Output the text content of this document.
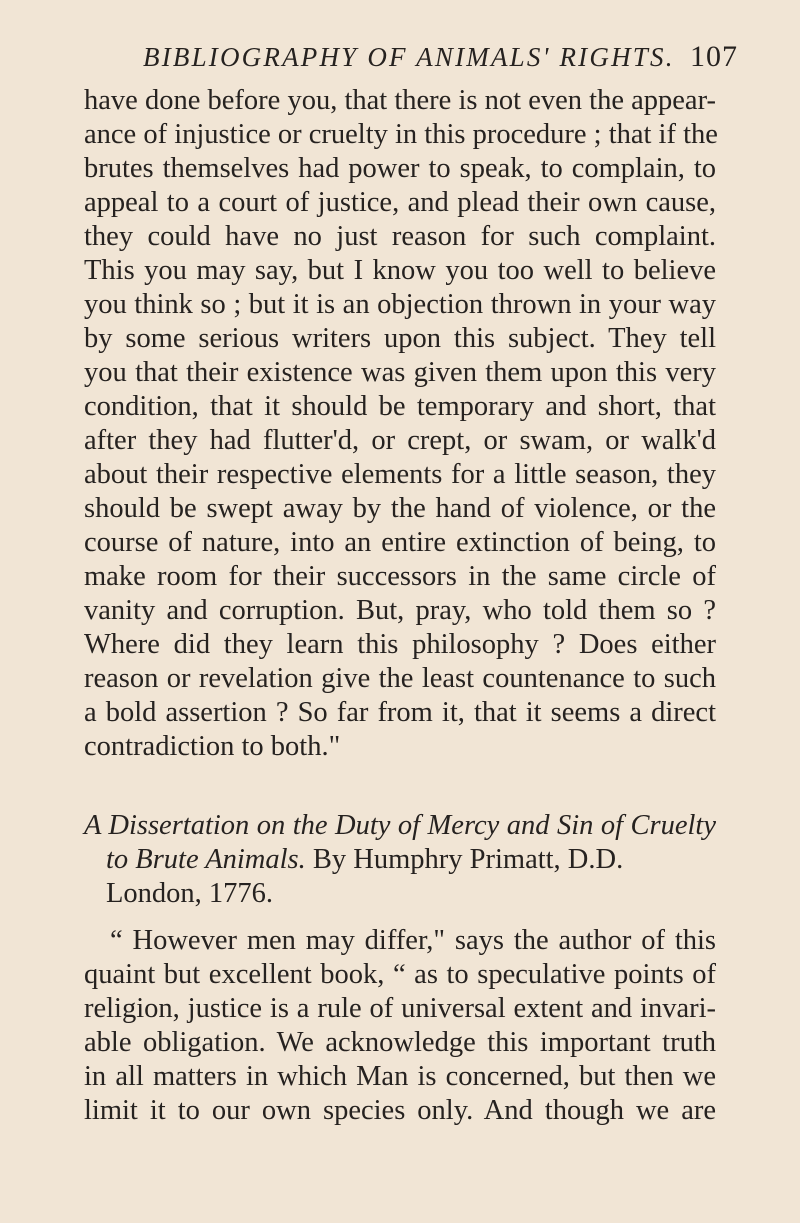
BIBLIOGRAPHY OF ANIMALS' RIGHTS. 107
have done before you, that there is not even the appear-
ance of injustice or cruelty in this procedure ; that if the
brutes themselves had power to speak, to complain, to
appeal to a court of justice, and plead their own cause,
they could have no just reason for such complaint.
This you may say, but I know you too well to believe
you think so ; but it is an objection thrown in your way
by some serious writers upon this subject. They tell
you that their existence was given them upon this very
condition, that it should be temporary and short, that
after they had flutter'd, or crept, or swam, or walk'd
about their respective elements for a little season, they
should be swept away by the hand of violence, or the
course of nature, into an entire extinction of being, to
make room for their successors in the same circle of
vanity and corruption. But, pray, who told them so ?
Where did they learn this philosophy ? Does either
reason or revelation give the least countenance to such
a bold assertion ? So far from it, that it seems a direct
contradiction to both."
A Dissertation on the Duty of Mercy and Sin of Cruelty
to Brute Animals. By Humphry Primatt, D.D.
London, 1776.
“ However men may differ," says the author of this
quaint but excellent book, “ as to speculative points of
religion, justice is a rule of universal extent and invari-
able obligation. We acknowledge this important truth
in all matters in which Man is concerned, but then we
limit it to our own species only. And though we are
